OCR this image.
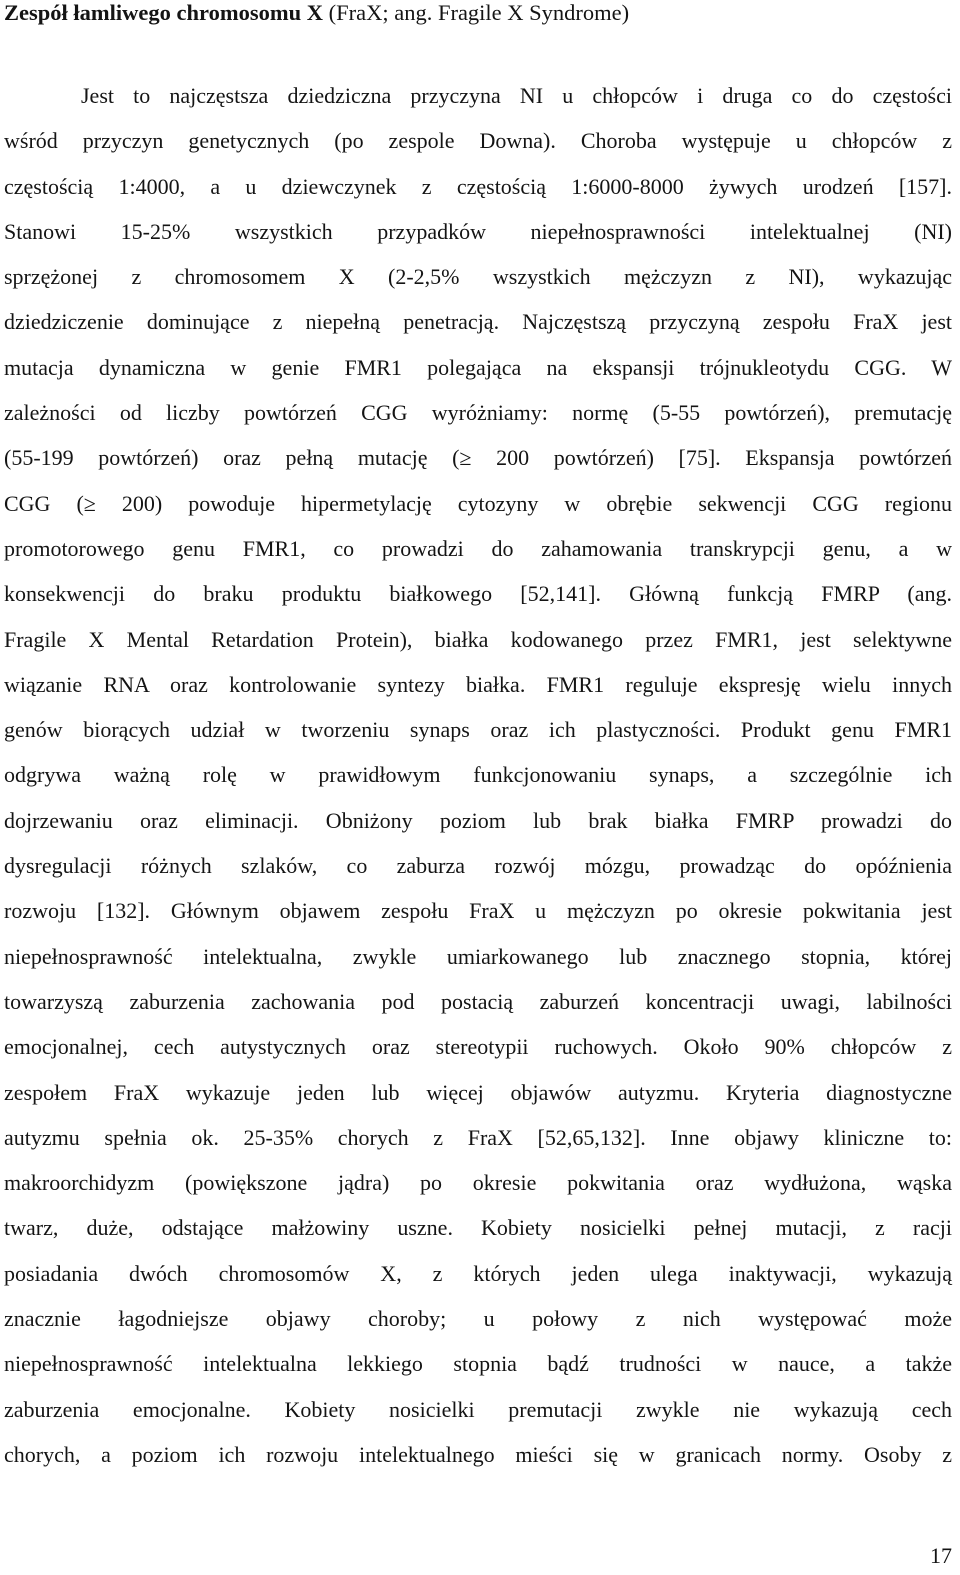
Zespół łamliwego chromosomu X (FraX; ang. Fragile X Syndrome)
Jest to najczęstsza dziedziczna przyczyna NI u chłopców i druga co do częstości
wśród przyczyn genetycznych (po zespole Downa). Choroba występuje u chłopców z
częstością 1:4000, a u dziewczynek z częstością 1:6000-8000 żywych urodzeń [157].
Stanowi 15-25% wszystkich przypadków niepełnosprawności intelektualnej (NI)
sprzężonej z chromosomem X (2-2,5% wszystkich mężczyzn z NI), wykazując
dziedziczenie dominujące z niepełną penetracją. Najczęstszą przyczyną zespołu FraX jest
mutacja dynamiczna w genie FMR1 polegająca na ekspansji trójnukleotydu CGG. W
zależności od liczby powtórzeń CGG wyróżniamy: normę (5-55 powtórzeń), premutację
(55-199 powtórzeń) oraz pełną mutację (≥ 200 powtórzeń) [75]. Ekspansja powtórzeń
CGG (≥ 200) powoduje hipermetylację cytozyny w obrębie sekwencji CGG regionu
promotorowego genu FMR1, co prowadzi do zahamowania transkrypcji genu, a w
konsekwencji do braku produktu białkowego [52,141]. Główną funkcją FMRP (ang.
Fragile X Mental Retardation Protein), białka kodowanego przez FMR1, jest selektywne
wiązanie RNA oraz kontrolowanie syntezy białka. FMR1 reguluje ekspresję wielu innych
genów biorących udział w tworzeniu synaps oraz ich plastyczności. Produkt genu FMR1
odgrywa ważną rolę w prawidłowym funkcjonowaniu synaps, a szczególnie ich
dojrzewaniu oraz eliminacji. Obniżony poziom lub brak białka FMRP prowadzi do
dysregulacji różnych szlaków, co zaburza rozwój mózgu, prowadząc do opóźnienia
rozwoju [132]. Głównym objawem zespołu FraX u mężczyzn po okresie pokwitania jest
niepełnosprawność intelektualna, zwykle umiarkowanego lub znacznego stopnia, której
towarzyszą zaburzenia zachowania pod postacią zaburzeń koncentracji uwagi, labilności
emocjonalnej, cech autystycznych oraz stereotypii ruchowych. Około 90% chłopców z
zespołem FraX wykazuje jeden lub więcej objawów autyzmu. Kryteria diagnostyczne
autyzmu spełnia ok. 25-35% chorych z FraX [52,65,132]. Inne objawy kliniczne to:
makroorchidyzm (powiększone jądra) po okresie pokwitania oraz wydłużona, wąska
twarz, duże, odstające małżowiny uszne. Kobiety nosicielki pełnej mutacji, z racji
posiadania dwóch chromosomów X, z których jeden ulega inaktywacji, wykazują
znacznie łagodniejsze objawy choroby; u połowy z nich występować może
niepełnosprawność intelektualna lekkiego stopnia bądź trudności w nauce, a także
zaburzenia emocjonalne. Kobiety nosicielki premutacji zwykle nie wykazują cech
chorych, a poziom ich rozwoju intelektualnego mieści się w granicach normy. Osoby z
17
